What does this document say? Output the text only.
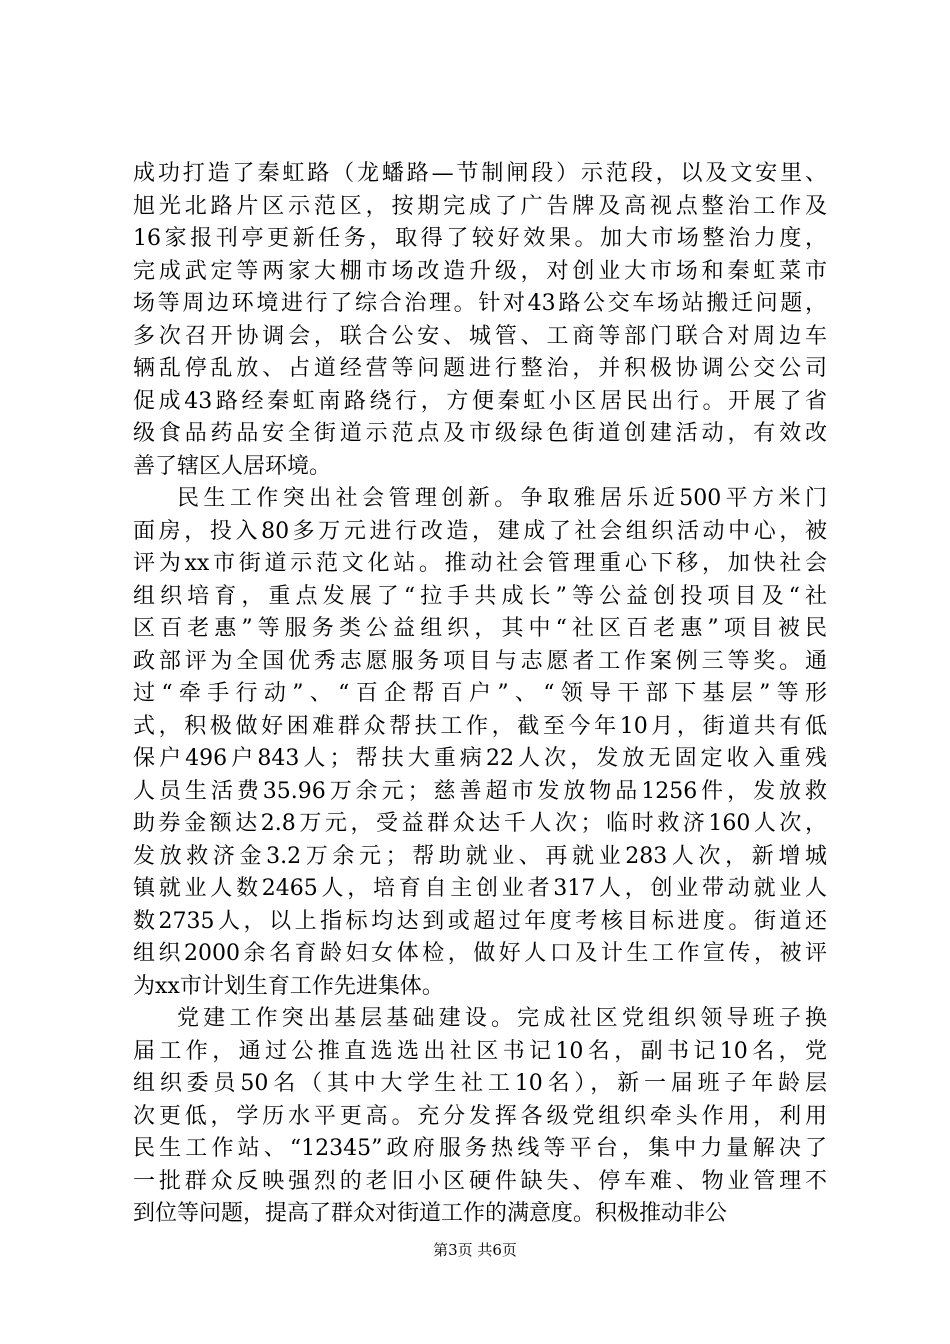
成功打造了秦虹路（龙蟠路—节制闸段）示范段，以及文安里、
旭光北路片区示范区，按期完成了广告牌及高视点整治工作及
16家报刊亭更新任务，取得了较好效果。加大市场整治力度，
完成武定等两家大棚市场改造升级，对创业大市场和秦虹菜市
场等周边环境进行了综合治理。针对43路公交车场站搬迁问题，
多次召开协调会，联合公安、城管、工商等部门联合对周边车
辆乱停乱放、占道经营等问题进行整治，并积极协调公交公司
促成43路经秦虹南路绕行，方便秦虹小区居民出行。开展了省
级食品药品安全街道示范点及市级绿色街道创建活动，有效改
善了辖区人居环境。
民生工作突出社会管理创新。争取雅居乐近500平方米门
面房，投入80多万元进行改造，建成了社会组织活动中心，被
评为xx市街道示范文化站。推动社会管理重心下移，加快社会
组织培育，重点发展了“拉手共成长”等公益创投项目及“社
区百老惠”等服务类公益组织，其中“社区百老惠”项目被民
政部评为全国优秀志愿服务项目与志愿者工作案例三等奖。通
过“牵手行动”、“百企帮百户”、“领导干部下基层”等形
式，积极做好困难群众帮扶工作，截至今年10月，街道共有低
保户496户843人；帮扶大重病22人次，发放无固定收入重残
人员生活费35.96万余元；慈善超市发放物品1256件，发放救
助券金额达2.8万元，受益群众达千人次；临时救济160人次，
发放救济金3.2万余元；帮助就业、再就业283人次，新增城
镇就业人数2465人，培育自主创业者317人，创业带动就业人
数2735人，以上指标均达到或超过年度考核目标进度。街道还
组织2000余名育龄妇女体检，做好人口及计生工作宣传，被评
为xx市计划生育工作先进集体。
党建工作突出基层基础建设。完成社区党组织领导班子换
届工作，通过公推直选选出社区书记10名，副书记10名，党
组织委员50名（其中大学生社工10名），新一届班子年龄层
次更低，学历水平更高。充分发挥各级党组织牵头作用，利用
民生工作站、“12345”政府服务热线等平台，集中力量解决了
一批群众反映强烈的老旧小区硬件缺失、停车难、物业管理不
到位等问题，提高了群众对街道工作的满意度。积极推动非公
第3页 共6页
